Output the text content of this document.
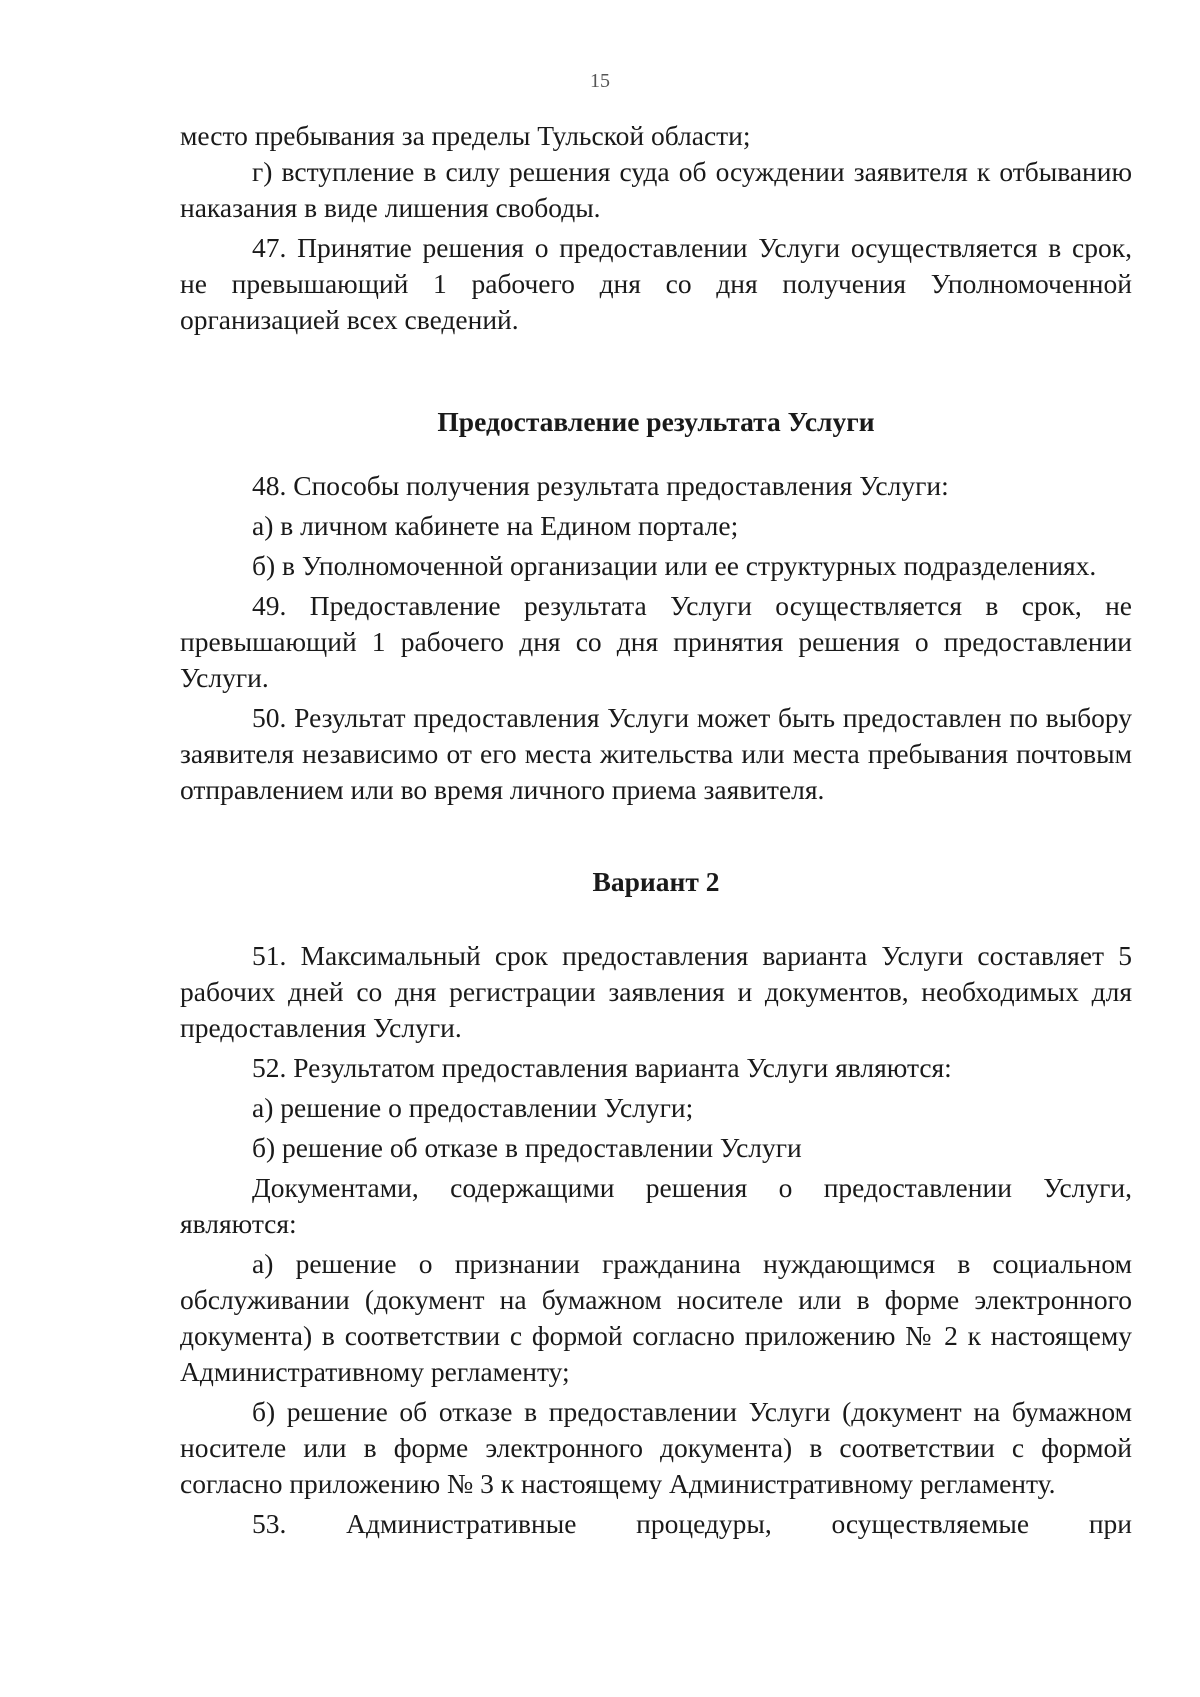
15

место пребывания за пределы Тульской области;

г) вступление в силу решения суда об осуждении заявителя к отбыванию наказания в виде лишения свободы.

47. Принятие решения о предоставлении Услуги осуществляется в срок, не превышающий 1 рабочего дня со дня получения Уполномоченной организацией всех сведений.

Предоставление результата Услуги

48. Способы получения результата предоставления Услуги:

а) в личном кабинете на Едином портале;

б) в Уполномоченной организации или ее структурных подразделениях.

49. Предоставление результата Услуги осуществляется в срок, не превышающий 1 рабочего дня со дня принятия решения о предоставлении Услуги.

50. Результат предоставления Услуги может быть предоставлен по выбору заявителя независимо от его места жительства или места пребывания почтовым отправлением или во время личного приема заявителя.

Вариант 2

51. Максимальный срок предоставления варианта Услуги составляет 5 рабочих дней со дня регистрации заявления и документов, необходимых для предоставления Услуги.

52. Результатом предоставления варианта Услуги являются:

а) решение о предоставлении Услуги;

б) решение об отказе в предоставлении Услуги

Документами, содержащими решения о предоставлении Услуги, являются:

а) решение о признании гражданина нуждающимся в социальном обслуживании (документ на бумажном носителе или в форме электронного документа) в соответствии с формой согласно приложению № 2 к настоящему Административному регламенту;

б) решение об отказе в предоставлении Услуги (документ на бумажном носителе или в форме электронного документа) в соответствии с формой согласно приложению № 3 к настоящему Административному регламенту.

53. Административные процедуры, осуществляемые при
